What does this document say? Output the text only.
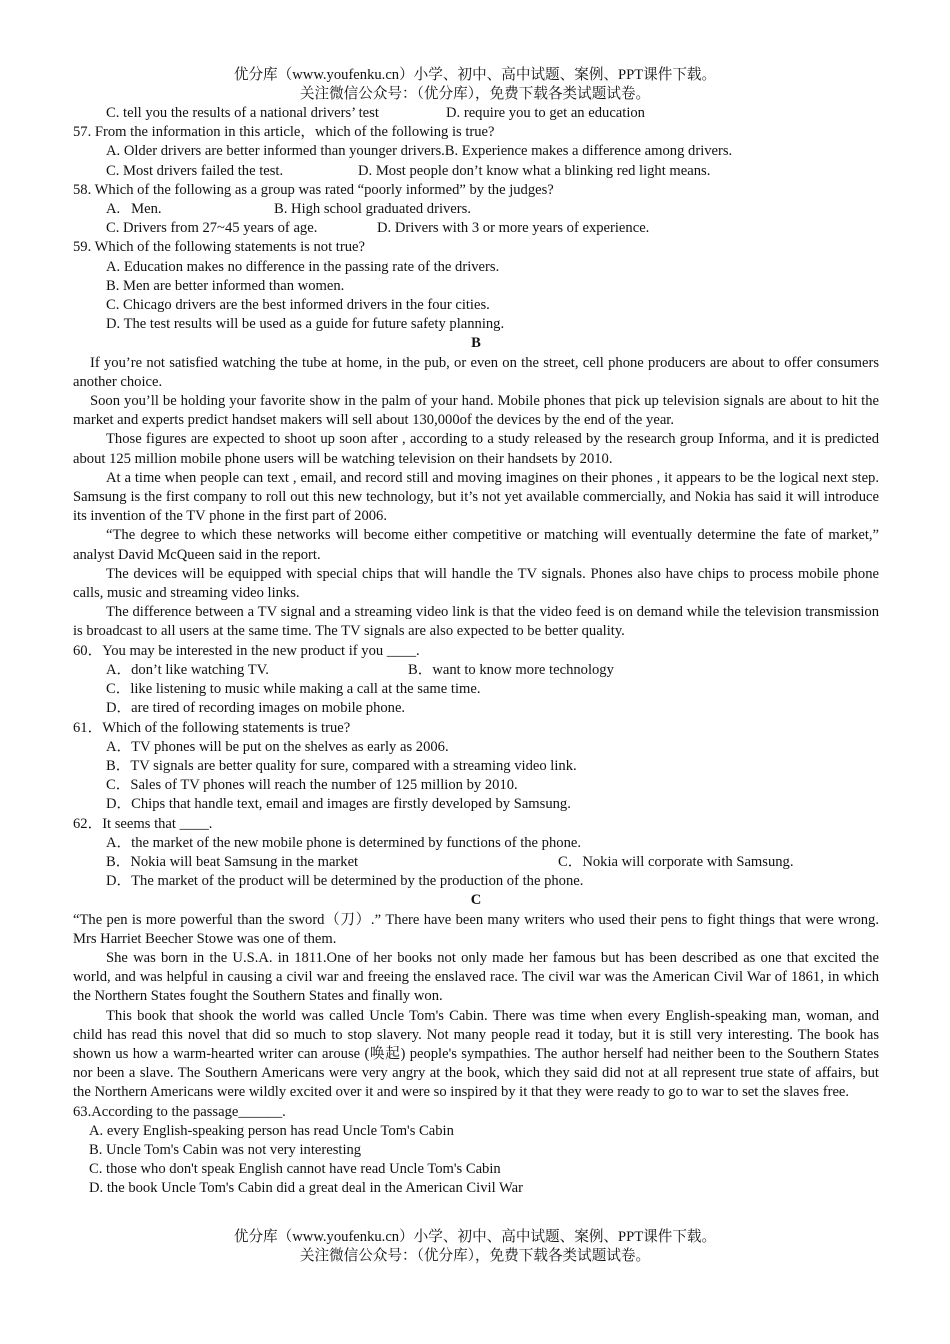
优分库（www.youfenku.cn）小学、初中、高中试题、案例、PPT课件下载。
关注微信公众号：（优分库），免费下载各类试题试卷。
C. tell you the results of a national drivers’ test	D. require you to get an education

57. From the information in this article，which of the following is true?

A. Older drivers are better informed than younger drivers.B. Experience makes a difference among drivers.

C. Most drivers failed the test.	D. Most people don’t know what a blinking red light means.

58. Which of the following as a group was rated “poorly informed” by the judges?

A.   Men.	B. High school graduated drivers.
C. Drivers from 27~45 years of age.	D. Drivers with 3 or more years of experience.

59. Which of the following statements is not true?

A. Education makes no difference in the passing rate of the drivers.

B. Men are better informed than women.

C. Chicago drivers are the best informed drivers in the four cities.

D. The test results will be used as a guide for future safety planning.

B

If you’re not satisfied watching the tube at home, in the pub, or even on the street, cell phone producers are about to offer consumers another choice.

Soon you’ll be holding your favorite show in the palm of your hand. Mobile phones that pick up television signals are about to hit the market and experts predict handset makers will sell about 130,000of the devices by the end of the year.

Those figures are expected to shoot up soon after , according to a study released by the research group Informa, and it is predicted about 125 million mobile phone users will be watching television on their handsets by 2010.

At a time when people can text , email, and record still and moving imagines on their phones , it appears to be the logical next step. Samsung is the first company to roll out this new technology, but it’s not yet available commercially, and Nokia has said it will introduce its invention of the TV phone in the first part of 2006.

“The degree to which these networks will become either competitive or matching will eventually determine the fate of market,” analyst David McQueen said in the report.

The devices will be equipped with special chips that will handle the TV signals. Phones also have chips to process mobile phone calls, music and streaming video links.

The difference between a TV signal and a streaming video link is that the video feed is on demand while the television transmission is broadcast to all users at the same time. The TV signals are also expected to be better quality.

60．You may be interested in the new product if you ____.

A．don’t like watching TV.	B．want to know more technology

C．like listening to music while making a call at the same time.

D．are tired of recording images on mobile phone.

61．Which of the following statements is true?

A．TV phones will be put on the shelves as early as 2006.

B．TV signals are better quality for sure, compared with a streaming video link.

C．Sales of TV phones will reach the number of 125 million by 2010.

D．Chips that handle text, email and images are firstly developed by Samsung.

62．It seems that ____.

A．the market of the new mobile phone is determined by functions of the phone.

B．Nokia will beat Samsung in the market	C．Nokia will corporate with Samsung.

D．The market of the product will be determined by the production of the phone.

C

“The pen is more powerful than the sword（刀）.” There have been many writers who used their pens to fight things that were wrong. Mrs Harriet Beecher Stowe was one of them.

She was born in the U.S.A. in 1811.One of her books not only made her famous but has been described as one that excited the world, and was helpful in causing a civil war and freeing the enslaved race. The civil war was the American Civil War of 1861, in which the Northern States fought the Southern States and finally won.

This book that shook the world was called Uncle Tom's Cabin. There was time when every English-speaking man, woman, and child has read this novel that did so much to stop slavery. Not many people read it today, but it is still very interesting. The book has shown us how a warm-hearted writer can arouse (唤起) people's sympathies. The author herself had neither been to the Southern States nor been a slave. The Southern Americans were very angry at the book, which they said did not at all represent true state of affairs, but the Northern Americans were wildly excited over it and were so inspired by it that they were ready to go to war to set the slaves free.

63.According to the passage______.

A. every English-speaking person has read Uncle Tom's Cabin

B. Uncle Tom's Cabin was not very interesting

C. those who don't speak English cannot have read Uncle Tom's Cabin

D. the book Uncle Tom's Cabin did a great deal in the American Civil War

优分库（www.youfenku.cn）小学、初中、高中试题、案例、PPT课件下载。
关注微信公众号：（优分库），免费下载各类试题试卷。
